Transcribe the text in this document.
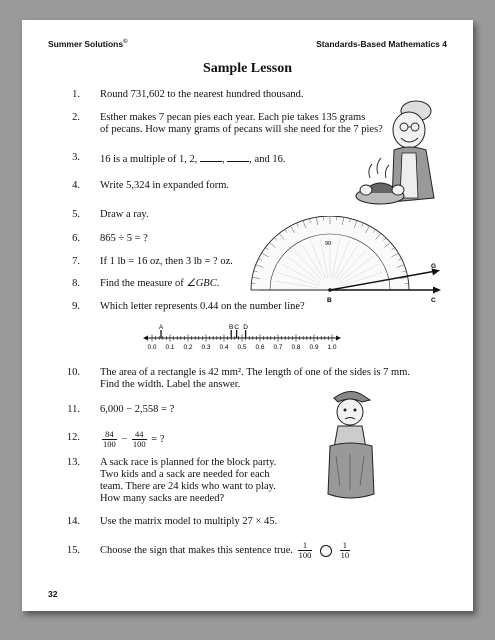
Summer Solutions©	Standards-Based Mathematics 4
Sample Lesson
1. Round 731,602 to the nearest hundred thousand.
2. Esther makes 7 pecan pies each year. Each pie takes 135 grams
of pecans. How many grams of pecans will she need for the 7 pies?
3. 16 is a multiple of 1, 2, , , and 16.
4. Write 5,324 in expanded form.
5. Draw a ray.
6. 865 ÷ 5 = ?
7. If 1 lb = 16 oz, then 3 lb = ? oz.
8. Find the measure of ∠GBC.
9. Which letter represents 0.44 on the number line?
0.0 0.1 0.2 0.3 0.4 0.5 0.6 0.7 0.8 0.9 1.0
A	B C D
B	C
G
90
10. The area of a rectangle is 42 mm². The length of one of the sides is 7 mm.
Find the width. Label the answer.
11. 6,000 − 2,558 = ?
12.	$\frac{84}{100} - \frac{44}{100}$ = ?
13. A sack race is planned for the block party.
Two kids and a sack are needed for each
team. There are 24 kids who want to play.
How many sacks are needed?
14. Use the matrix model to multiply 27 × 45.
15. Choose the sign that makes this sentence true. $\frac{1}{100}$
	$\frac{1}{10}$
32
